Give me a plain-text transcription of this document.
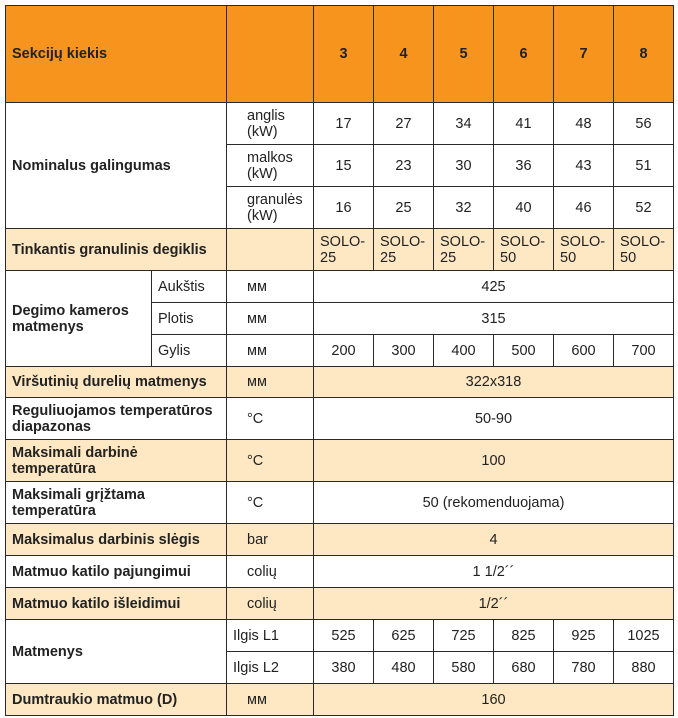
Sekcijų kiekis			3	4	5	6	7	8
Nominalus galingumas		anglis (kW)	17	27	34	41	48	56
		malkos (kW)	15	23	30	36	43	51
		granulės (kW)	16	25	32	40	46	52
Tinkantis granulinis degiklis			SOLO-25	SOLO-25	SOLO-25	SOLO-50	SOLO-50	SOLO-50
Degimo kameros matmenys	Aukštis	мм	425					
	Plotis	мм	315					
	Gylis	мм	200	300	400	500	600	700
Viršutinių durelių matmenys		мм	322x318					
Reguliuojamos temperatūros diapazonas		°C	50-90					
Maksimali darbinė temperatūra		°C	100					
Maksimali grįžtama temperatūra		°C	50 (rekomenduojama)					
Maksimalus darbinis slėgis		bar	4					
Matmuo katilo pajungimui		colių	1 1/2´´					
Matmuo katilo išleidimui		colių	1/2´´					
Matmenys		Ilgis L1	525	625	725	825	925	1025
		Ilgis L2	380	480	580	680	780	880
Dumtraukio matmuo (D)		мм	160					
